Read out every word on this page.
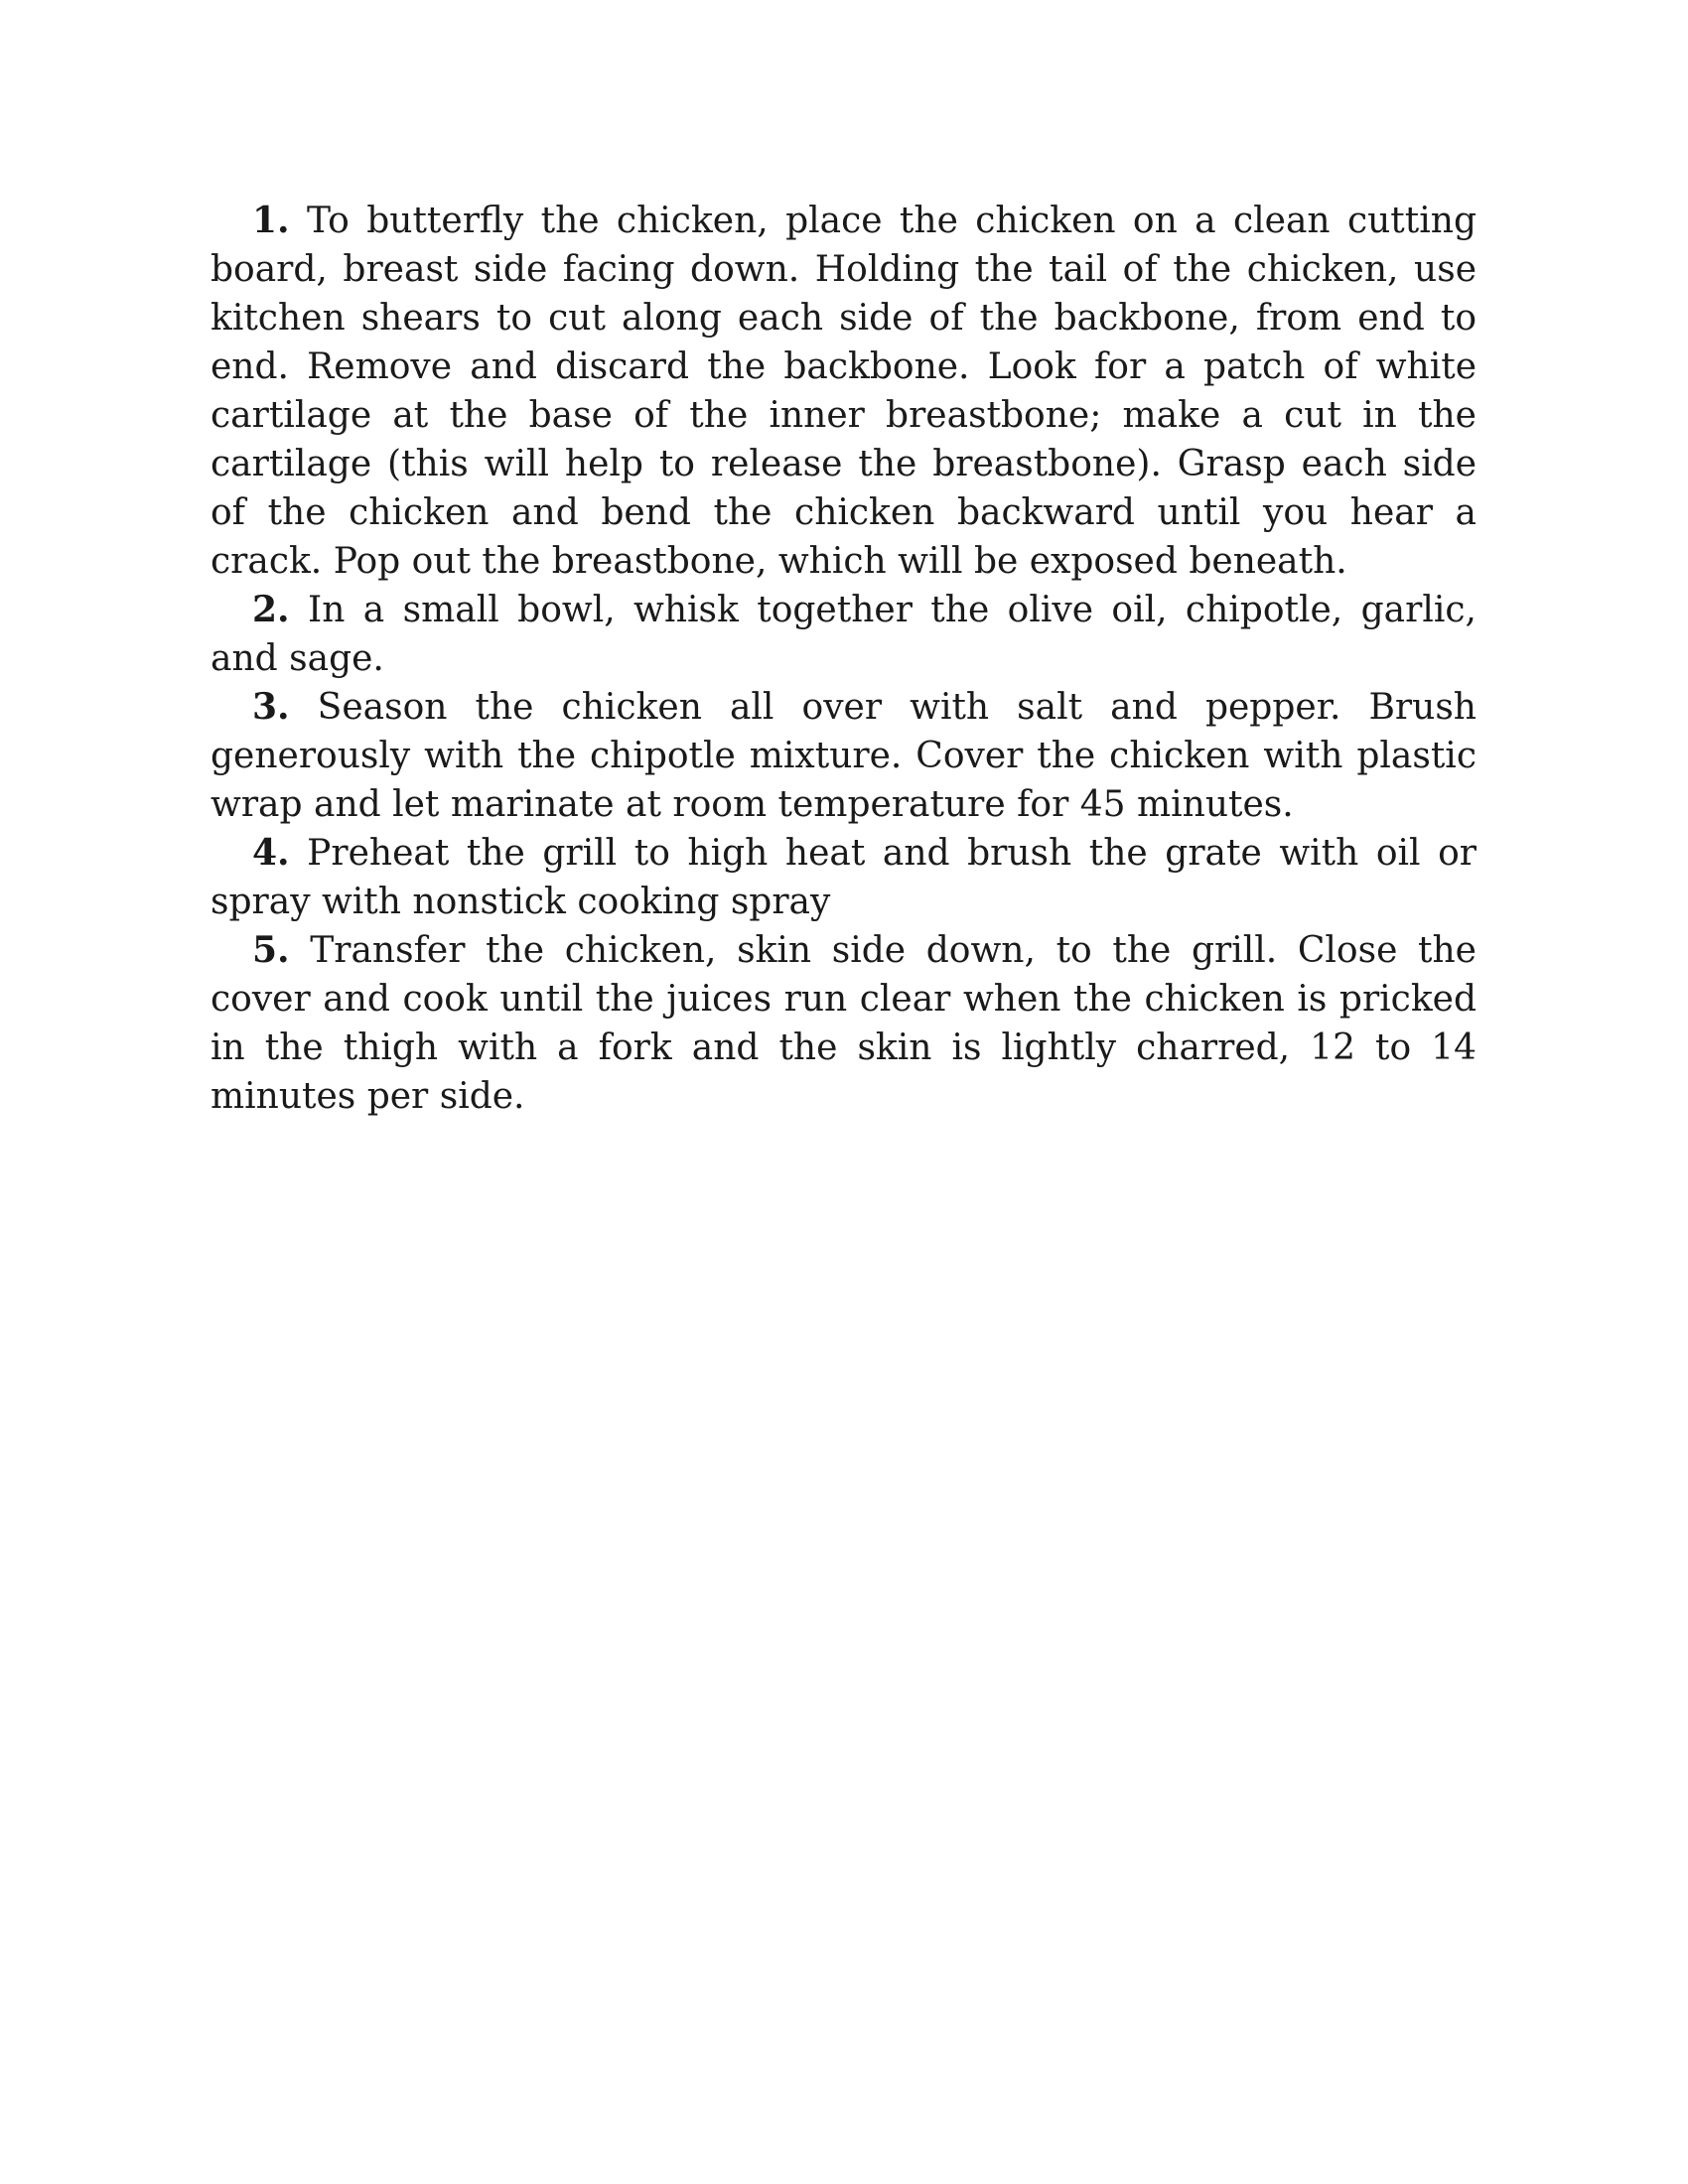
1. To butterfly the chicken, place the chicken on a clean cutting board, breast side facing down. Holding the tail of the chicken, use kitchen shears to cut along each side of the backbone, from end to end. Remove and discard the backbone. Look for a patch of white cartilage at the base of the inner breastbone; make a cut in the cartilage (this will help to release the breastbone). Grasp each side of the chicken and bend the chicken backward until you hear a crack. Pop out the breastbone, which will be exposed beneath.

2. In a small bowl, whisk together the olive oil, chipotle, garlic, and sage.

3. Season the chicken all over with salt and pepper. Brush generously with the chipotle mixture. Cover the chicken with plastic wrap and let marinate at room temperature for 45 minutes.

4. Preheat the grill to high heat and brush the grate with oil or spray with nonstick cooking spray

5. Transfer the chicken, skin side down, to the grill. Close the cover and cook until the juices run clear when the chicken is pricked in the thigh with a fork and the skin is lightly charred, 12 to 14 minutes per side.
